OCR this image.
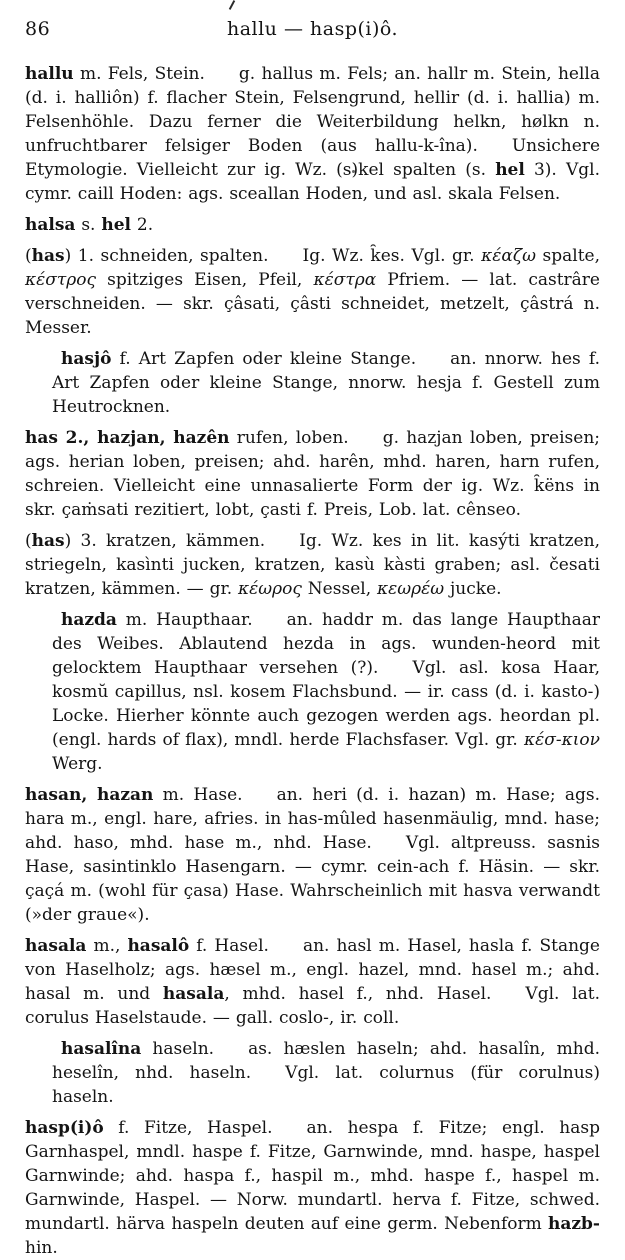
86	hallu — hasp(i)ô.

hallu m. Fels, Stein. g. hallus m. Fels; an. hallr m. Stein, hella (d. i. halliôn) f. flacher Stein, Felsengrund, hellir (d. i. hallia) m. Felsenhöhle. Dazu ferner die Weiterbildung helkn, hølkn n. unfruchtbarer felsiger Boden (aus hallu-k-îna). Unsichere Etymologie. Vielleicht zur ig. Wz. (s)kel spalten (s. hel 3). Vgl. cymr. caill Hoden: ags. sceallan Hoden, und asl. skala Felsen.

halsa s. hel 2.

(has) 1. schneiden, spalten. Ig. Wz. k̑es. Vgl. gr. κέαζω spalte, κέστρος spitziges Eisen, Pfeil, κέστρα Pfriem. — lat. castrâre verschneiden. — skr. çâsati, çâsti schneidet, metzelt, çâstrá n. Messer.

hasjô f. Art Zapfen oder kleine Stange. an. nnorw. hes f. Art Zapfen oder kleine Stange, nnorw. hesja f. Gestell zum Heutrocknen.

has 2., hazjan, hazên rufen, loben. g. hazjan loben, preisen; ags. herian loben, preisen; ahd. harên, mhd. haren, harn rufen, schreien. Vielleicht eine unnasalierte Form der ig. Wz. k̑ëns in skr. çaṁsati rezitiert, lobt, çasti f. Preis, Lob. lat. cênseo.

(has) 3. kratzen, kämmen. Ig. Wz. kes in lit. kasýti kratzen, striegeln, kasìnti jucken, kratzen, kasù kàsti graben; asl. česati kratzen, kämmen. — gr. κέωρος Nessel, κεωρέω jucke.

hazda m. Haupthaar. an. haddr m. das lange Haupthaar des Weibes. Ablautend hezda in ags. wunden-heord mit gelocktem Haupthaar versehen (?). Vgl. asl. kosa Haar, kosmŭ capillus, nsl. kosem Flachsbund. — ir. cass (d. i. kasto-) Locke. Hierher könnte auch gezogen werden ags. heordan pl. (engl. hards of flax), mndl. herde Flachsfaser. Vgl. gr. κέσ-κιον Werg.

hasan, hazan m. Hase. an. heri (d. i. hazan) m. Hase; ags. hara m., engl. hare, afries. in has-mûled hasenmäulig, mnd. hase; ahd. haso, mhd. hase m., nhd. Hase. Vgl. altpreuss. sasnis Hase, sasintinklo Hasengarn. — cymr. cein-ach f. Häsin. — skr. çaçá m. (wohl für çasa) Hase. Wahrscheinlich mit hasva verwandt (»der graue«).

hasala m., hasalô f. Hasel. an. hasl m. Hasel, hasla f. Stange von Haselholz; ags. hæsel m., engl. hazel, mnd. hasel m.; ahd. hasal m. und hasala, mhd. hasel f., nhd. Hasel. Vgl. lat. corulus Haselstaude. — gall. coslo-, ir. coll.

hasalîna haseln. as. hæslen haseln; ahd. hasalîn, mhd. heselîn, nhd. haseln. Vgl. lat. colurnus (für corulnus) haseln.

hasp(i)ô f. Fitze, Haspel. an. hespa f. Fitze; engl. hasp Garnhaspel, mndl. haspe f. Fitze, Garnwinde, mnd. haspe, haspel Garnwinde; ahd. haspa f., haspil m., mhd. haspe f., haspel m. Garnwinde, Haspel. — Norw. mundartl. herva f. Fitze, schwed. mundartl. härva haspeln deuten auf eine germ. Nebenform hazb- hin.
